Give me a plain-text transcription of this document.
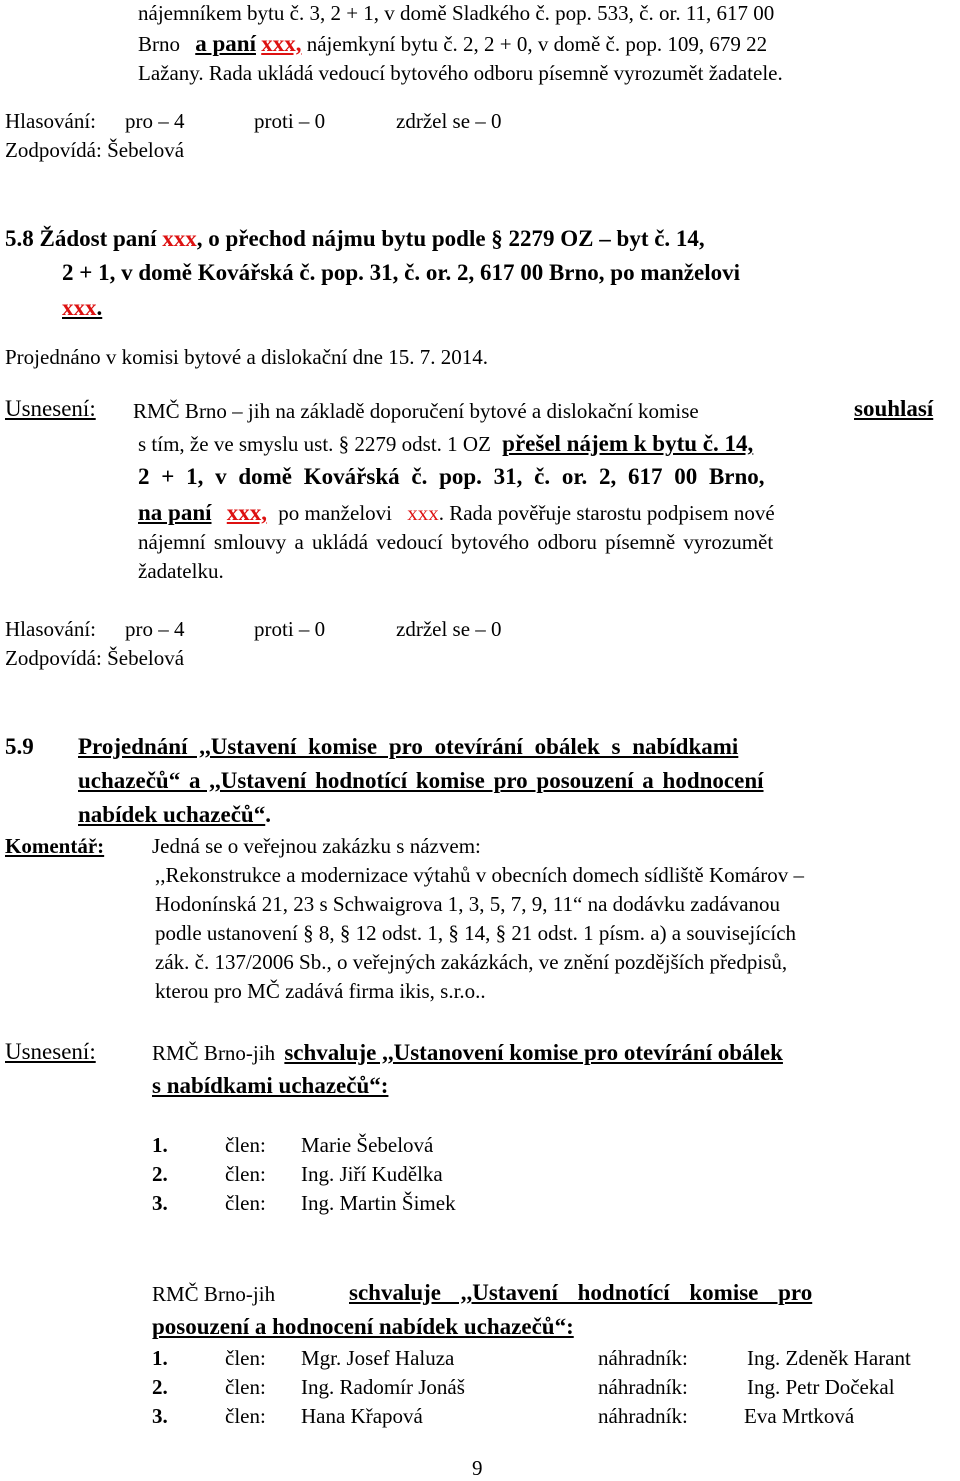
nájemníkem bytu č. 3, 2 + 1, v domě Sladkého č. pop. 533, č. or. 11, 617 00
Brno a paní xxx, nájemkyní bytu č. 2, 2 + 0, v domě č. pop. 109, 679 22
Lažany. Rada ukládá vedoucí bytového odboru písemně vyrozumět žadatele.
Hlasování: pro – 4	proti – 0	zdržel se – 0
Zodpovídá: Šebelová
5.8 Žádost paní xxx, o přechod nájmu bytu podle § 2279 OZ – byt č. 14,
2 + 1, v domě Kovářská č. pop. 31, č. or. 2, 617 00 Brno, po manželovi
xxx.
Projednáno v komisi bytové a dislokační dne 15. 7. 2014.
Usnesení: RMČ Brno – jih na základě doporučení bytové a dislokační komise	souhlasí
s tím, že ve smyslu ust. § 2279 odst. 1 OZ přešel nájem k bytu č. 14,
2 + 1, v domě Kovářská č. pop. 31, č. or. 2, 617 00 Brno,
na paní xxx, po manželovi xxx. Rada pověřuje starostu podpisem nové
nájemní smlouvy a ukládá vedoucí bytového odboru písemně vyrozumět
žadatelku.
Hlasování: pro – 4	proti – 0	zdržel se – 0
Zodpovídá: Šebelová
5.9 Projednání ,,Ustavení komise pro otevírání obálek s nabídkami
uchazečů“ a ,,Ustavení hodnotící komise pro posouzení a hodnocení
nabídek uchazečů“.
Komentář: Jedná se o veřejnou zakázku s názvem:
,,Rekonstrukce a modernizace výtahů v obecních domech sídliště Komárov –
Hodonínská 21, 23 s Schwaigrova 1, 3, 5, 7, 9, 11“ na dodávku zadávanou
podle ustanovení § 8, § 12 odst. 1, § 14, § 21 odst. 1 písm. a) a souvisejících
zák. č. 137/2006 Sb., o veřejných zakázkách, ve znění pozdějších předpisů,
kterou pro MČ zadává firma ikis, s.r.o..
Usnesení:	RMČ Brno-jih schvaluje ,,Ustanovení komise pro otevírání obálek
s nabídkami uchazečů“:
1.	člen: Marie Šebelová
2.	člen: Ing. Jiří Kudělka
3.	člen: Ing. Martin Šimek
RMČ Brno-jih	schvaluje ,,Ustavení hodnotící komise pro
posouzení a hodnocení nabídek uchazečů“:
1.	člen: Mgr. Josef Haluza	náhradník:	Ing. Zdeněk Harant
2.	člen: Ing. Radomír Jonáš	náhradník:	Ing. Petr Dočekal
3.	člen: Hana Křapová	náhradník:	Eva Mrtková
9
